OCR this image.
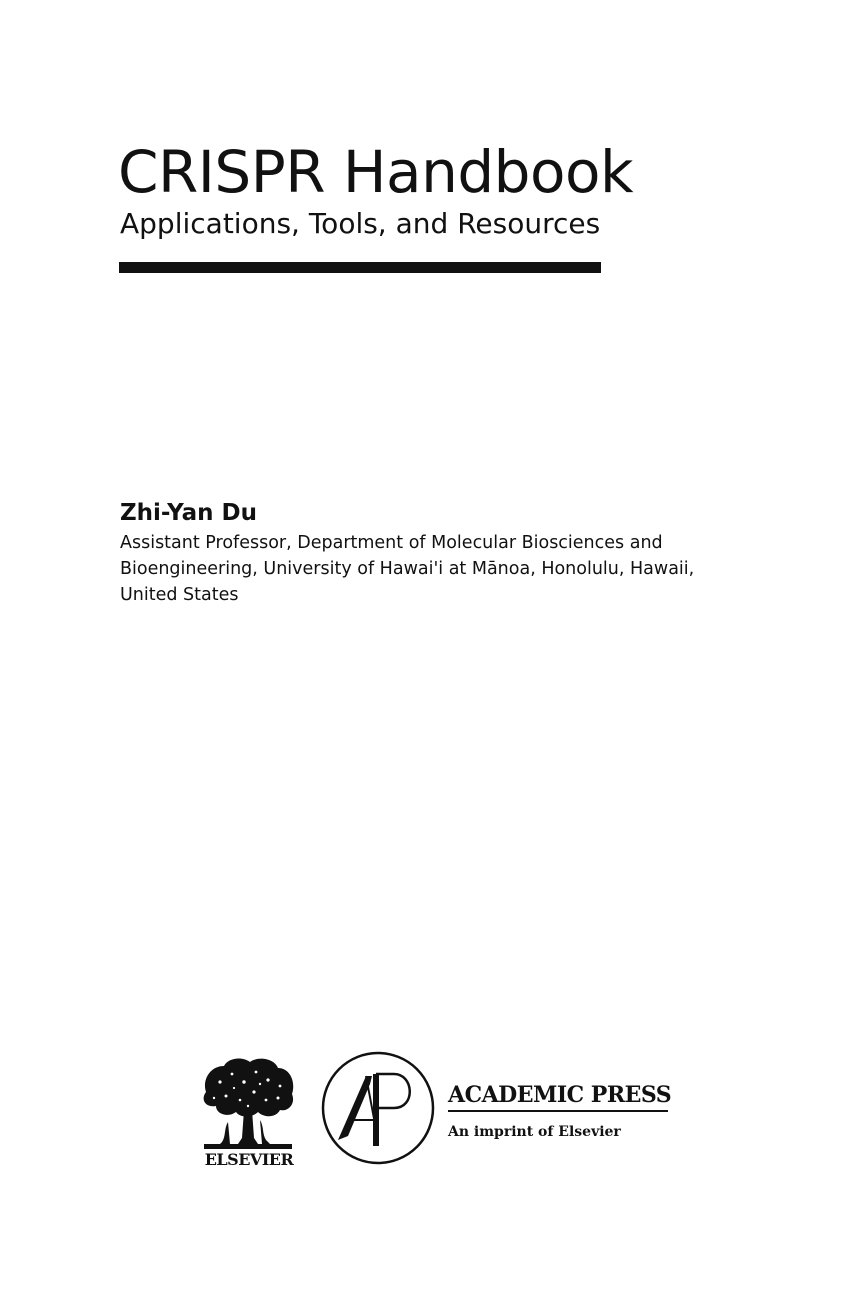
CRISPR Handbook

Applications, Tools, and Resources

Zhi-Yan Du

Assistant Professor, Department of Molecular Biosciences and
Bioengineering, University of Hawai'i at Mānoa, Honolulu, Hawaii,
United States

ELSEVIER
ACADEMIC PRESS
An imprint of Elsevier
